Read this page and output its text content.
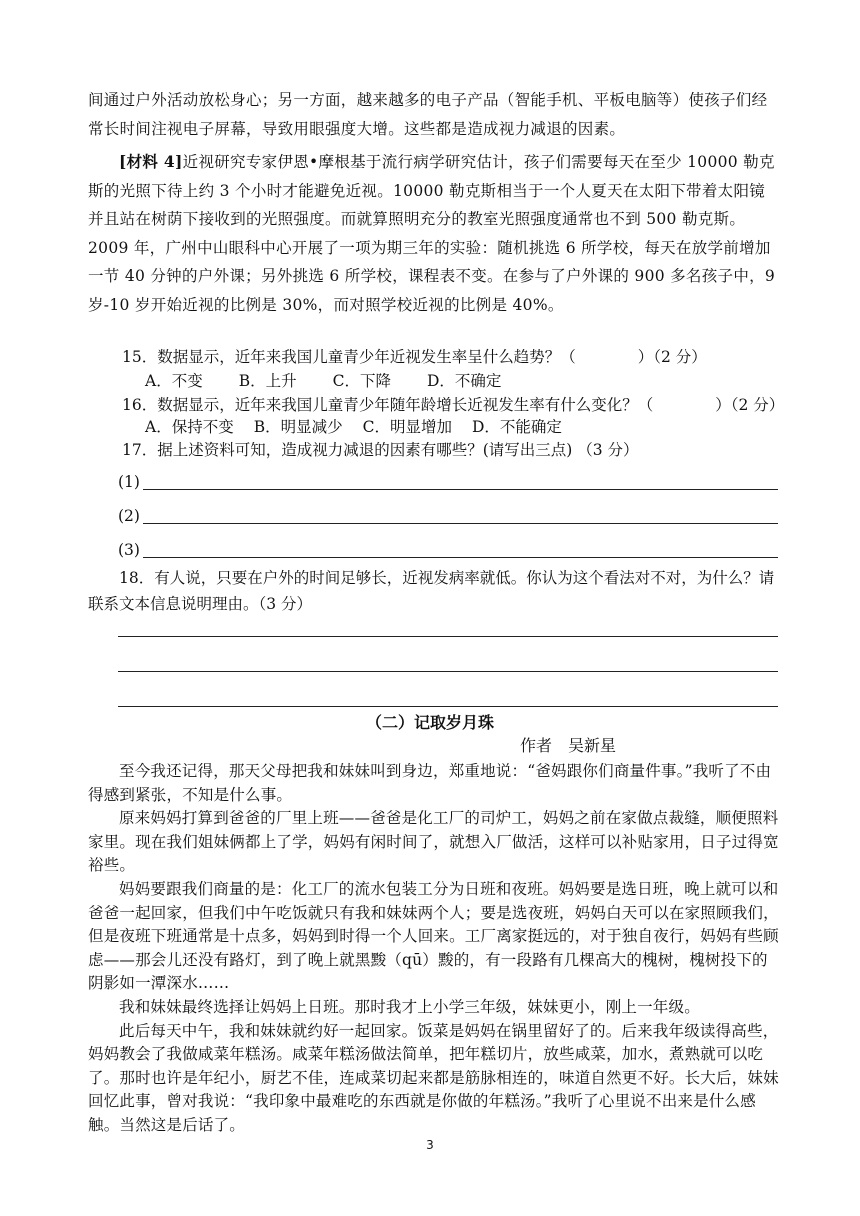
间通过户外活动放松身心；另一方面，越来越多的电子产品（智能手机、平板电脑等）使孩子们经常长时间注视电子屏幕，导致用眼强度大增。这些都是造成视力减退的因素。

[材料 4]近视研究专家伊恩•摩根基于流行病学研究估计，孩子们需要每天在至少 10000 勒克斯的光照下待上约 3 个小时才能避免近视。10000 勒克斯相当于一个人夏天在太阳下带着太阳镜并且站在树荫下接收到的光照强度。而就算照明充分的教室光照强度通常也不到 500 勒克斯。2009 年，广州中山眼科中心开展了一项为期三年的实验：随机挑选 6 所学校，每天在放学前增加一节 40 分钟的户外课；另外挑选 6 所学校，课程表不变。在参与了户外课的 900 多名孩子中，9 岁-10 岁开始近视的比例是 30%，而对照学校近视的比例是 40%。

15．数据显示，近年来我国儿童青少年近视发生率呈什么趋势？（　　　　）（2 分）

A．不变 B．上升 C．下降 D．不确定

16．数据显示，近年来我国儿童青少年随年龄增长近视发生率有什么变化？（　　　　）（2 分）

A．保持不变 B．明显减少 C．明显增加 D．不能确定

17．据上述资料可知，造成视力减退的因素有哪些？(请写出三点) （3 分）

(1)
(2)
(3)

18．有人说，只要在户外的时间足够长，近视发病率就低。你认为这个看法对不对，为什么？请联系文本信息说明理由。（3 分）

（二）记取岁月珠
作者　吴新星

至今我还记得，那天父母把我和妹妹叫到身边，郑重地说：“爸妈跟你们商量件事。”我听了不由得感到紧张，不知是什么事。

原来妈妈打算到爸爸的厂里上班——爸爸是化工厂的司炉工，妈妈之前在家做点裁缝，顺便照料家里。现在我们姐妹俩都上了学，妈妈有闲时间了，就想入厂做活，这样可以补贴家用，日子过得宽裕些。

妈妈要跟我们商量的是：化工厂的流水包装工分为日班和夜班。妈妈要是选日班，晚上就可以和爸爸一起回家，但我们中午吃饭就只有我和妹妹两个人；要是选夜班，妈妈白天可以在家照顾我们，但是夜班下班通常是十点多，妈妈到时得一个人回来。工厂离家挺远的，对于独自夜行，妈妈有些顾虑——那会儿还没有路灯，到了晚上就黑黢（qū）黢的，有一段路有几棵高大的槐树，槐树投下的阴影如一潭深水……

我和妹妹最终选择让妈妈上日班。那时我才上小学三年级，妹妹更小，刚上一年级。

此后每天中午，我和妹妹就约好一起回家。饭菜是妈妈在锅里留好了的。后来我年级读得高些，妈妈教会了我做咸菜年糕汤。咸菜年糕汤做法简单，把年糕切片，放些咸菜，加水，煮熟就可以吃了。那时也许是年纪小，厨艺不佳，连咸菜切起来都是筋脉相连的，味道自然更不好。长大后，妹妹回忆此事，曾对我说：“我印象中最难吃的东西就是你做的年糕汤。”我听了心里说不出来是什么感触。当然这是后话了。

3
